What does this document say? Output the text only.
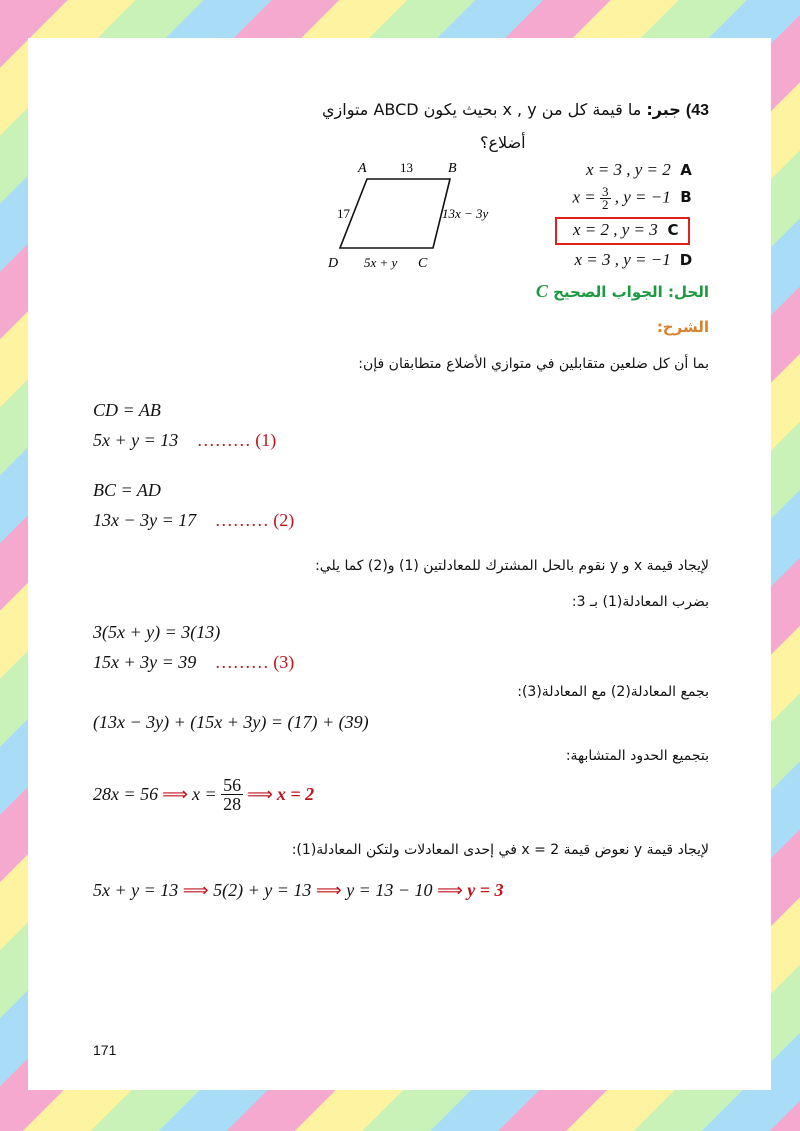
43) جبر: ما قيمة كل من x , y بحيث يكون ABCD متوازي
أضلاع؟
A	B
C
D
13
17	13x − 3y
5x + y
x = 3 , y = 2 A
$x = \frac{3}{2}$ , y = −1 B
x = 2 , y = 3 C
x = 3 , y = −1 D
الحل: الجواب الصحيح C
الشرح:
بما أن كل ضلعين متقابلين في متوازي الأضلاع متطابقان فإن:
CD = AB
5x + y = 13 ……… (1)
BC = AD
13x − 3y = 17 ……… (2)
لإيجاد قيمة x و y نقوم بالحل المشترك للمعادلتين (1) و(2) كما يلي:
بضرب المعادلة(1) بـ 3:
3(5x + y) = 3(13)
15x + 3y = 39 ……… (3)
بجمع المعادلة(2) مع المعادلة(3):
(13x − 3y) + (15x + 3y) = (17) + (39)
بتجميع الحدود المتشابهة:
28x = 56 ⟹ $x = \frac{56}{28}$ ⟹ x = 2
لإيجاد قيمة y نعوض قيمة x = 2 في إحدى المعادلات ولتكن المعادلة(1):
5x + y = 13 ⟹ 5(2) + y = 13 ⟹ y = 13 − 10 ⟹ y = 3
171
